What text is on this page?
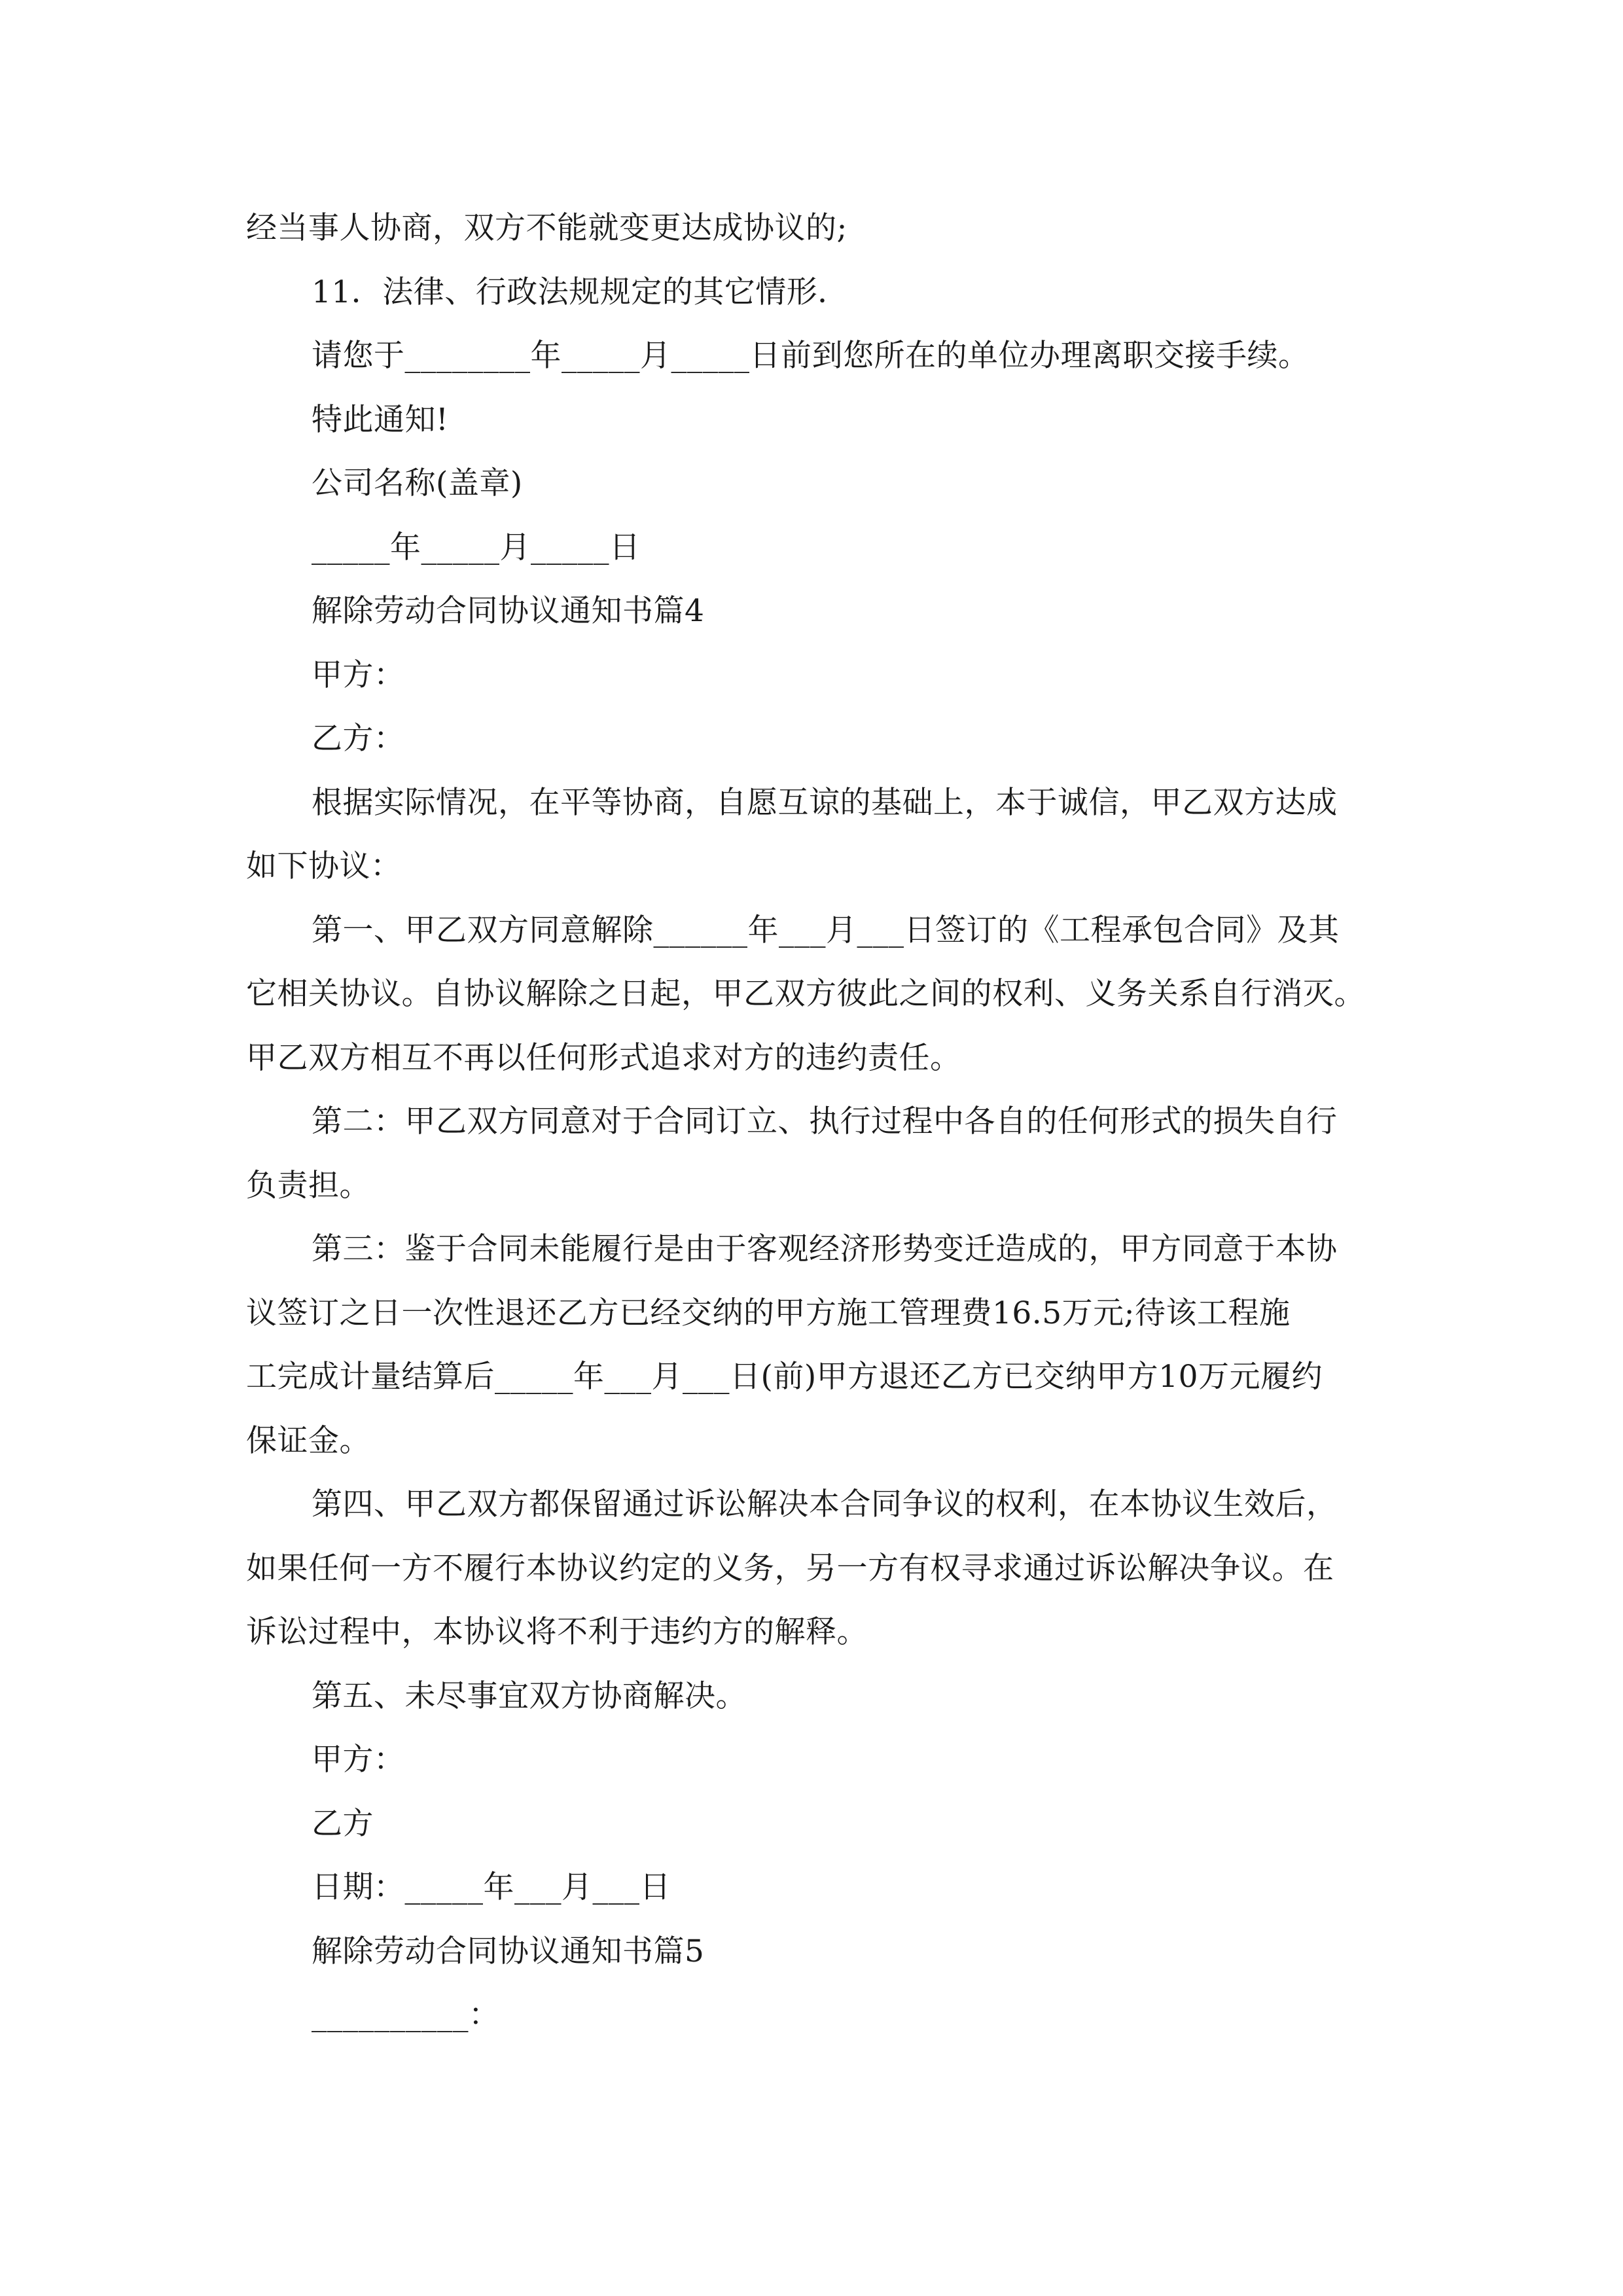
经当事人协商，双方不能就变更达成协议的;
11．法律、行政法规规定的其它情形．
请您于________年_____月_____日前到您所在的单位办理离职交接手续。
特此通知!
公司名称(盖章)
_____年_____月_____日
解除劳动合同协议通知书篇4
甲方：
乙方：
根据实际情况，在平等协商，自愿互谅的基础上，本于诚信，甲乙双方达成
如下协议：
第一、甲乙双方同意解除______年___月___日签订的《工程承包合同》及其
它相关协议。自协议解除之日起，甲乙双方彼此之间的权利、义务关系自行消灭。
甲乙双方相互不再以任何形式追求对方的违约责任。
第二：甲乙双方同意对于合同订立、执行过程中各自的任何形式的损失自行
负责担。
第三：鉴于合同未能履行是由于客观经济形势变迁造成的，甲方同意于本协
议签订之日一次性退还乙方已经交纳的甲方施工管理费16.5万元;待该工程施
工完成计量结算后_____年___月___日(前)甲方退还乙方已交纳甲方10万元履约
保证金。
第四、甲乙双方都保留通过诉讼解决本合同争议的权利，在本协议生效后，
如果任何一方不履行本协议约定的义务，另一方有权寻求通过诉讼解决争议。在
诉讼过程中，本协议将不利于违约方的解释。
第五、未尽事宜双方协商解决。
甲方：
乙方
日期：_____年___月___日
解除劳动合同协议通知书篇5
__________：
